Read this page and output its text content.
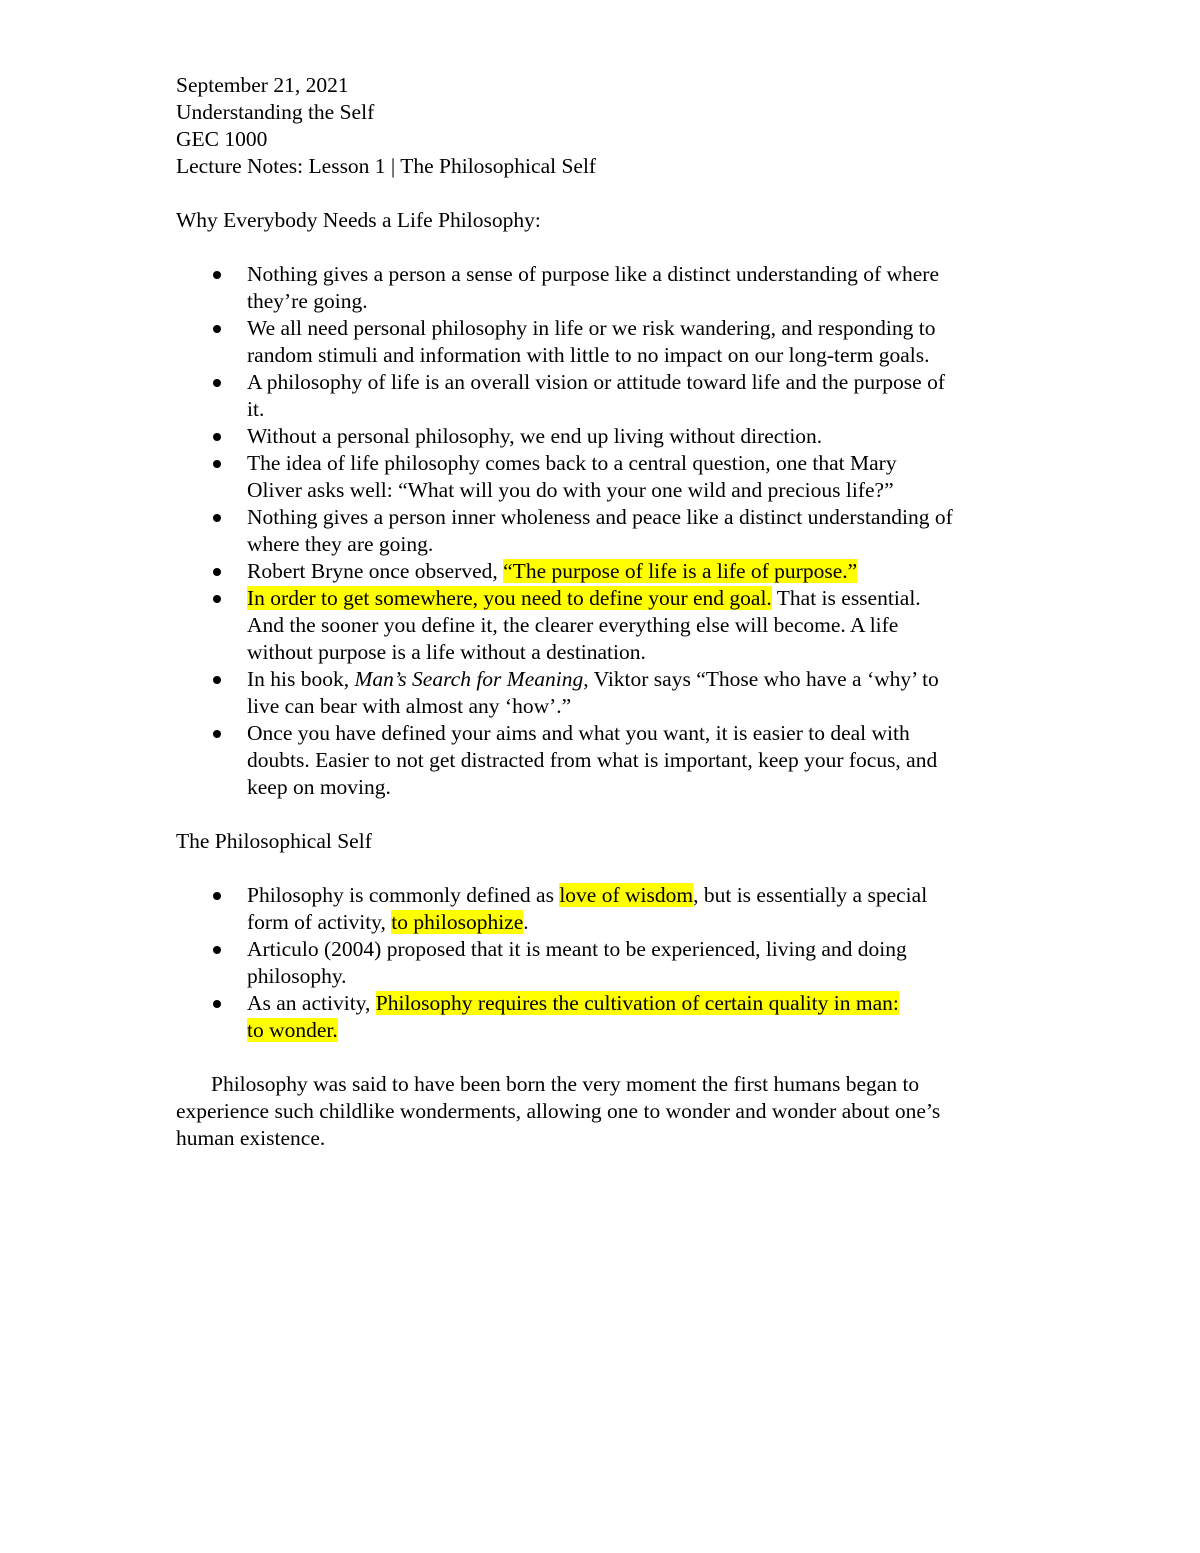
September 21, 2021
Understanding the Self
GEC 1000
Lecture Notes: Lesson 1 | The Philosophical Self
Why Everybody Needs a Life Philosophy:
Nothing gives a person a sense of purpose like a distinct understanding of where
they’re going.
We all need personal philosophy in life or we risk wandering, and responding to
random stimuli and information with little to no impact on our long-term goals.
A philosophy of life is an overall vision or attitude toward life and the purpose of
it.
Without a personal philosophy, we end up living without direction.
The idea of life philosophy comes back to a central question, one that Mary
Oliver asks well: “What will you do with your one wild and precious life?”
Nothing gives a person inner wholeness and peace like a distinct understanding of
where they are going.
Robert Bryne once observed, “The purpose of life is a life of purpose.”
In order to get somewhere, you need to define your end goal. That is essential.
And the sooner you define it, the clearer everything else will become. A life
without purpose is a life without a destination.
In his book, Man’s Search for Meaning, Viktor says “Those who have a ‘why’ to
live can bear with almost any ‘how’.”
Once you have defined your aims and what you want, it is easier to deal with
doubts. Easier to not get distracted from what is important, keep your focus, and
keep on moving.
The Philosophical Self
Philosophy is commonly defined as love of wisdom, but is essentially a special
form of activity, to philosophize.
Articulo (2004) proposed that it is meant to be experienced, living and doing
philosophy.
As an activity, Philosophy requires the cultivation of certain quality in man:
to wonder.
Philosophy was said to have been born the very moment the first humans began to
experience such childlike wonderments, allowing one to wonder and wonder about one’s
human existence.
